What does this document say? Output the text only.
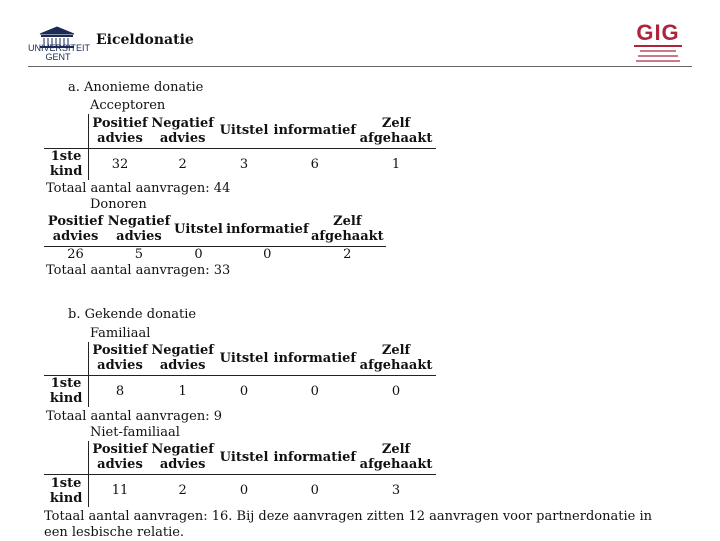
UNIVERSITEIT GENT
Eiceldonatie	GIG
a. Anonieme donatie
Acceptoren
	Positief advies	Negatief advies	Uitstel	informatief	Zelf afgehaakt
1ste kind	32	2	3	6	1
Totaal aantal aanvragen: 44
Donoren
Positief advies	Negatief advies	Uitstel	informatief	Zelf afgehaakt
26	5	0	0	2
Totaal aantal aanvragen: 33
b. Gekende donatie
Familiaal
	Positief advies	Negatief advies	Uitstel	informatief	Zelf afgehaakt
1ste kind	8	1	0	0	0
Totaal aantal aanvragen: 9
Niet-familiaal
	Positief advies	Negatief advies	Uitstel	informatief	Zelf afgehaakt
1ste kind	11	2	0	0	3
Totaal aantal aanvragen: 16. Bij deze aanvragen zitten 12 aanvragen voor partnerdonatie in een lesbische relatie.
